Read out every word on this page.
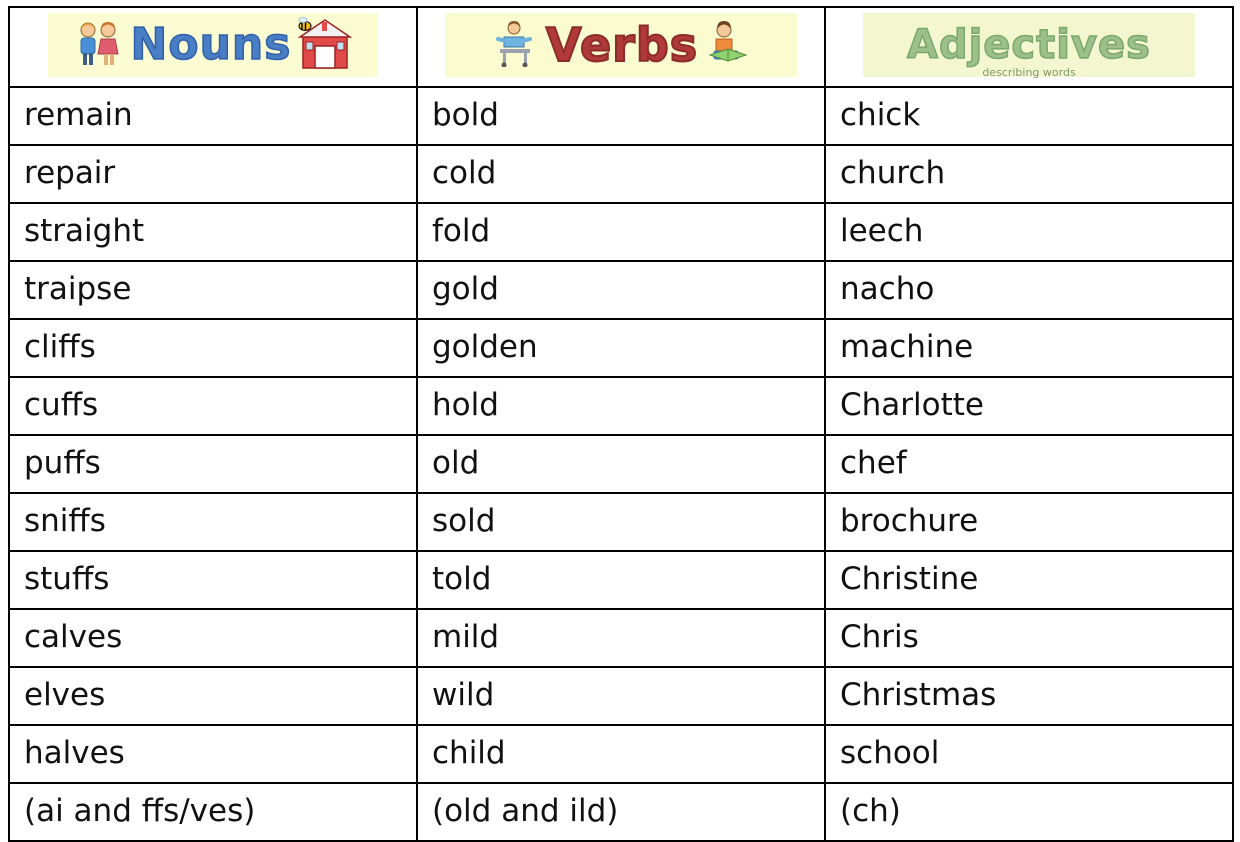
Nouns	Verbs	Adjectives
describing words

remain	bold	chick

repair	cold	church

straight	fold	leech

traipse	gold	nacho

cliffs	golden	machine

cuffs	hold	Charlotte

puffs	old	chef

sniffs	sold	brochure

stuffs	told	Christine

calves	mild	Chris

elves	wild	Christmas

halves	child	school

(ai and ffs/ves)	(old and ild)	(ch)
